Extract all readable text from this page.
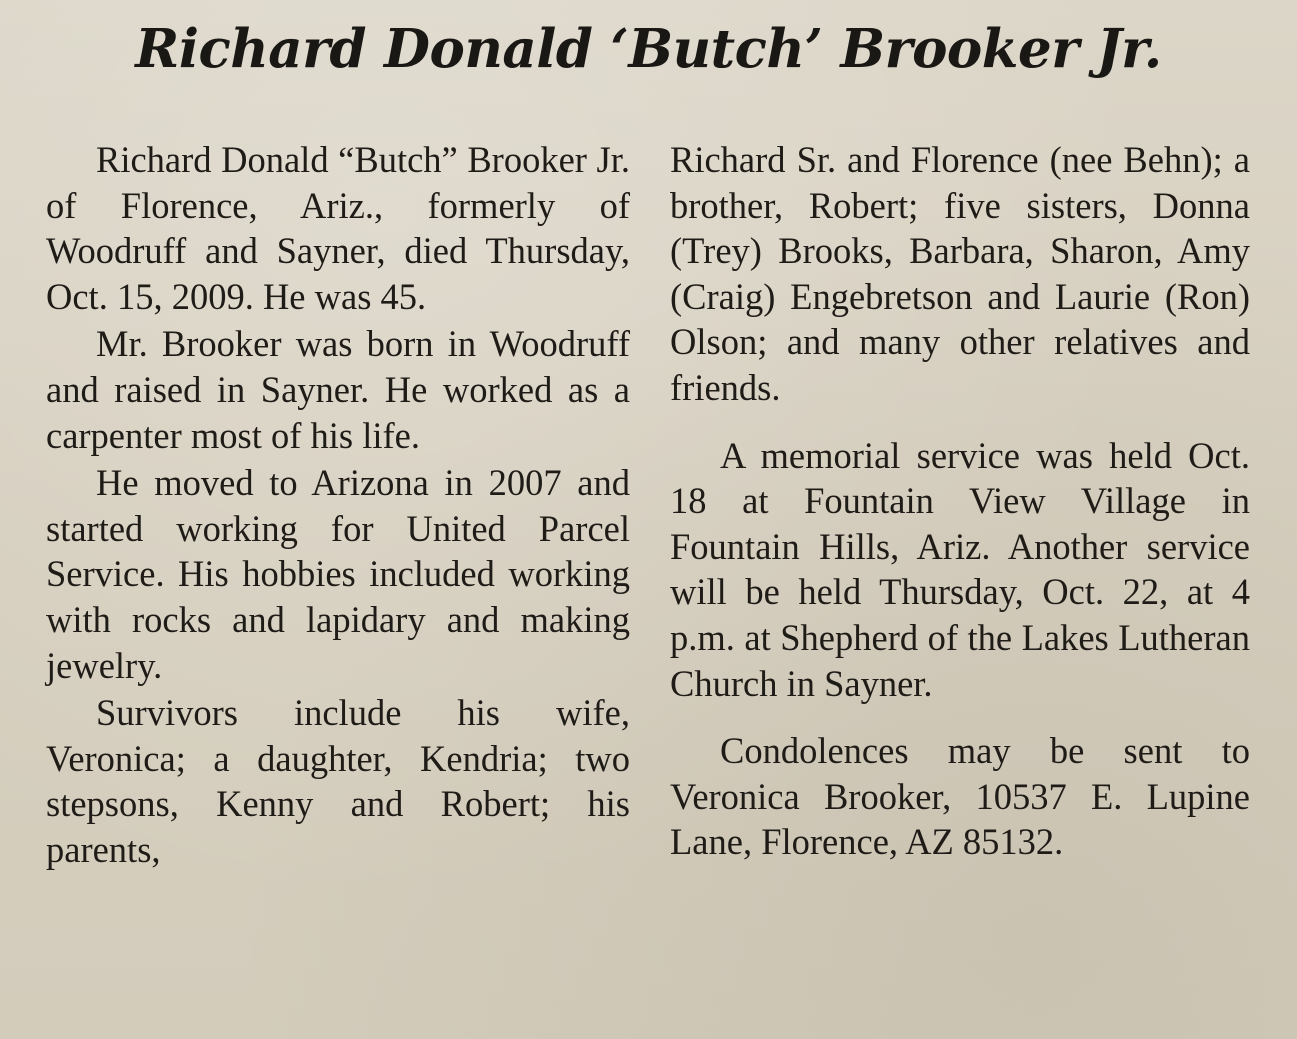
Richard Donald ‘Butch’ Brooker Jr.

Richard Donald “Butch” Brooker Jr. of Florence, Ariz., formerly of Woodruff and Sayner, died Thursday, Oct. 15, 2009. He was 45.

Mr. Brooker was born in Woodruff and raised in Sayner. He worked as a carpenter most of his life.

He moved to Arizona in 2007 and started working for United Parcel Service. His hobbies included working with rocks and lapidary and making jewelry.

Survivors include his wife, Veronica; a daughter, Kendria; two stepsons, Kenny and Robert; his parents,

Richard Sr. and Florence (nee Behn); a brother, Robert; five sisters, Donna (Trey) Brooks, Barbara, Sharon, Amy (Craig) Engebretson and Laurie (Ron) Olson; and many other relatives and friends.

A memorial service was held Oct. 18 at Fountain View Village in Fountain Hills, Ariz. Another service will be held Thursday, Oct. 22, at 4 p.m. at Shepherd of the Lakes Lutheran Church in Sayner.

Condolences may be sent to Veronica Brooker, 10537 E. Lupine Lane, Florence, AZ 85132.
